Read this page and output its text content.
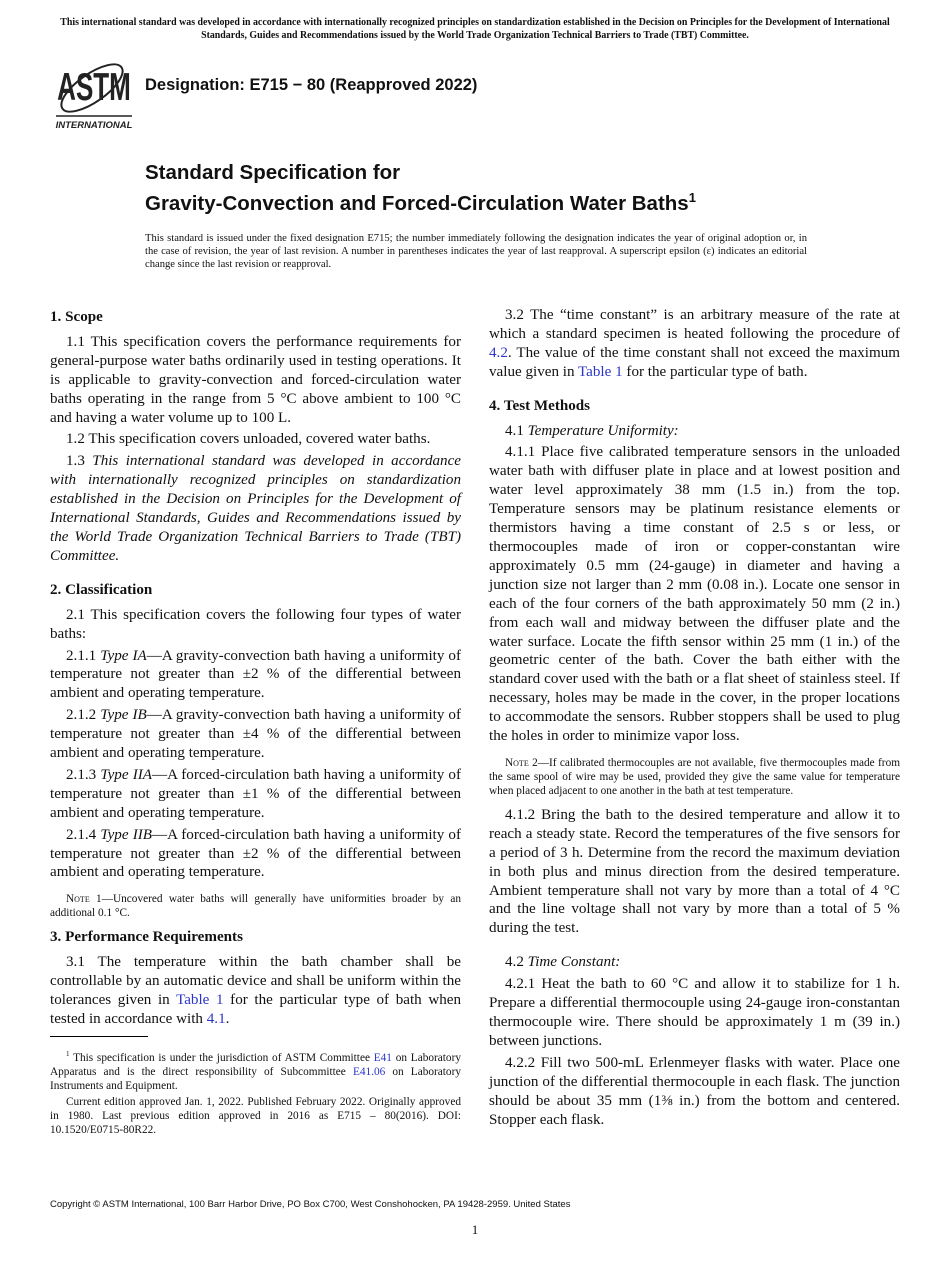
This international standard was developed in accordance with internationally recognized principles on standardization established in the Decision on Principles for the Development of International Standards, Guides and Recommendations issued by the World Trade Organization Technical Barriers to Trade (TBT) Committee.
ASTM
INTERNATIONAL
Designation: E715 − 80 (Reapproved 2022)
Standard Specification for
Gravity-Convection and Forced-Circulation Water Baths$^1$
This standard is issued under the fixed designation E715; the number immediately following the designation indicates the year of original adoption or, in the case of revision, the year of last revision. A number in parentheses indicates the year of last reapproval. A superscript epsilon (ε) indicates an editorial change since the last revision or reapproval.
1. Scope

1.1 This specification covers the performance requirements for general-purpose water baths ordinarily used in testing operations. It is applicable to gravity-convection and forced-circulation water baths operating in the range from 5 °C above ambient to 100 °C and having a water volume up to 100 L.

1.2 This specification covers unloaded, covered water baths.

1.3 This international standard was developed in accordance with internationally recognized principles on standardization established in the Decision on Principles for the Development of International Standards, Guides and Recommendations issued by the World Trade Organization Technical Barriers to Trade (TBT) Committee.

2. Classification

2.1 This specification covers the following four types of water baths:

2.1.1 Type IA—A gravity-convection bath having a uniformity of temperature not greater than ±2 % of the differential between ambient and operating temperature.

2.1.2 Type IB—A gravity-convection bath having a uniformity of temperature not greater than ±4 % of the differential between ambient and operating temperature.

2.1.3 Type IIA—A forced-circulation bath having a uniformity of temperature not greater than ±1 % of the differential between ambient and operating temperature.

2.1.4 Type IIB—A forced-circulation bath having a uniformity of temperature not greater than ±2 % of the differential between ambient and operating temperature.

Note 1—Uncovered water baths will generally have uniformities broader by an additional 0.1 °C.

3. Performance Requirements

3.1 The temperature within the bath chamber shall be controllable by an automatic device and shall be uniform within the tolerances given in Table 1 for the particular type of bath when tested in accordance with 4.1.

3.2 The “time constant” is an arbitrary measure of the rate at which a standard specimen is heated following the procedure of 4.2. The value of the time constant shall not exceed the maximum value given in Table 1 for the particular type of bath.

4. Test Methods

4.1 Temperature Uniformity:

4.1.1 Place five calibrated temperature sensors in the unloaded water bath with diffuser plate in place and at lowest position and water level approximately 38 mm (1.5 in.) from the top. Temperature sensors may be platinum resistance elements or thermistors having a time constant of 2.5 s or less, or thermocouples made of iron or copper-constantan wire approximately 0.5 mm (24-gauge) in diameter and having a junction size not larger than 2 mm (0.08 in.). Locate one sensor in each of the four corners of the bath approximately 50 mm (2 in.) from each wall and midway between the diffuser plate and the water surface. Locate the fifth sensor within 25 mm (1 in.) of the geometric center of the bath. Cover the bath either with the standard cover used with the bath or a flat sheet of stainless steel. If necessary, holes may be made in the cover, in the proper locations to accommodate the sensors. Rubber stoppers shall be used to plug the holes in order to minimize vapor loss.

Note 2—If calibrated thermocouples are not available, five thermocouples made from the same spool of wire may be used, provided they give the same value for temperature when placed adjacent to one another in the bath at test temperature.

4.1.2 Bring the bath to the desired temperature and allow it to reach a steady state. Record the temperatures of the five sensors for a period of 3 h. Determine from the record the maximum deviation in both plus and minus direction from the desired temperature. Ambient temperature shall not vary by more than a total of 4 °C and the line voltage shall not vary by more than a total of 5 % during the test.

4.2 Time Constant:

4.2.1 Heat the bath to 60 °C and allow it to stabilize for 1 h. Prepare a differential thermocouple using 24-gauge iron-constantan thermocouple wire. There should be approximately 1 m (39 in.) between junctions.

4.2.2 Fill two 500-mL Erlenmeyer flasks with water. Place one junction of the differential thermocouple in each flask. The junction should be about 35 mm (1⅜ in.) from the bottom and centered. Stopper each flask.

$^1$ This specification is under the jurisdiction of ASTM Committee E41 on Laboratory Apparatus and is the direct responsibility of Subcommittee E41.06 on Laboratory Instruments and Equipment.

Current edition approved Jan. 1, 2022. Published February 2022. Originally approved in 1980. Last previous edition approved in 2016 as E715 – 80(2016). DOI: 10.1520/E0715-80R22.

Copyright © ASTM International, 100 Barr Harbor Drive, PO Box C700, West Conshohocken, PA 19428-2959. United States
1
